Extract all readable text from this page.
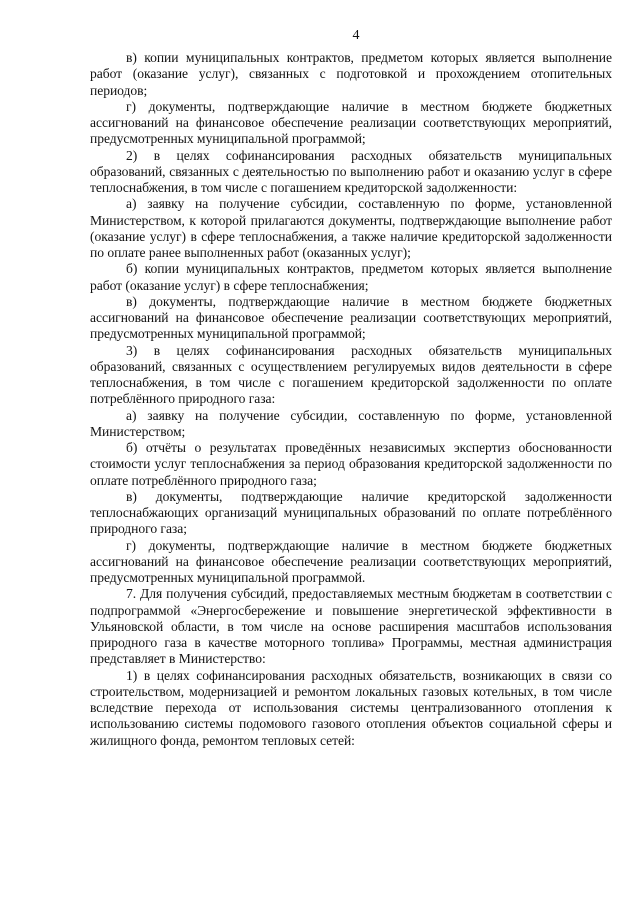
4

в) копии муниципальных контрактов, предметом которых является выполнение работ (оказание услуг), связанных с подготовкой и прохождением отопительных периодов;

г) документы, подтверждающие наличие в местном бюджете бюджетных ассигнований на финансовое обеспечение реализации соответствующих мероприятий, предусмотренных муниципальной программой;

2) в целях софинансирования расходных обязательств муниципальных образований, связанных с деятельностью по выполнению работ и оказанию услуг в сфере теплоснабжения, в том числе с погашением кредиторской задолженности:

а) заявку на получение субсидии, составленную по форме, установленной Министерством, к которой прилагаются документы, подтверждающие выполнение работ (оказание услуг) в сфере теплоснабжения, а также наличие кредиторской задолженности по оплате ранее выполненных работ (оказанных услуг);

б) копии муниципальных контрактов, предметом которых является выполнение работ (оказание услуг) в сфере теплоснабжения;

в) документы, подтверждающие наличие в местном бюджете бюджетных ассигнований на финансовое обеспечение реализации соответствующих мероприятий, предусмотренных муниципальной программой;

3) в целях софинансирования расходных обязательств муниципальных образований, связанных с осуществлением регулируемых видов деятельности в сфере теплоснабжения, в том числе с погашением кредиторской задолженности по оплате потреблённого природного газа:

а) заявку на получение субсидии, составленную по форме, установленной Министерством;

б) отчёты о результатах проведённых независимых экспертиз обоснованности стоимости услуг теплоснабжения за период образования кредиторской задолженности по оплате потреблённого природного газа;

в) документы, подтверждающие наличие кредиторской задолженности теплоснабжающих организаций муниципальных образований по оплате потреблённого природного газа;

г) документы, подтверждающие наличие в местном бюджете бюджетных ассигнований на финансовое обеспечение реализации соответствующих мероприятий, предусмотренных муниципальной программой.

7. Для получения субсидий, предоставляемых местным бюджетам в соответствии с подпрограммой «Энергосбережение и повышение энергетической эффективности в Ульяновской области, в том числе на основе расширения масштабов использования природного газа в качестве моторного топлива» Программы, местная администрация представляет в Министерство:

1) в целях софинансирования расходных обязательств, возникающих в связи со строительством, модернизацией и ремонтом локальных газовых котельных, в том числе вследствие перехода от использования системы централизованного отопления к использованию системы подомового газового отопления объектов социальной сферы и жилищного фонда, ремонтом тепловых сетей:
